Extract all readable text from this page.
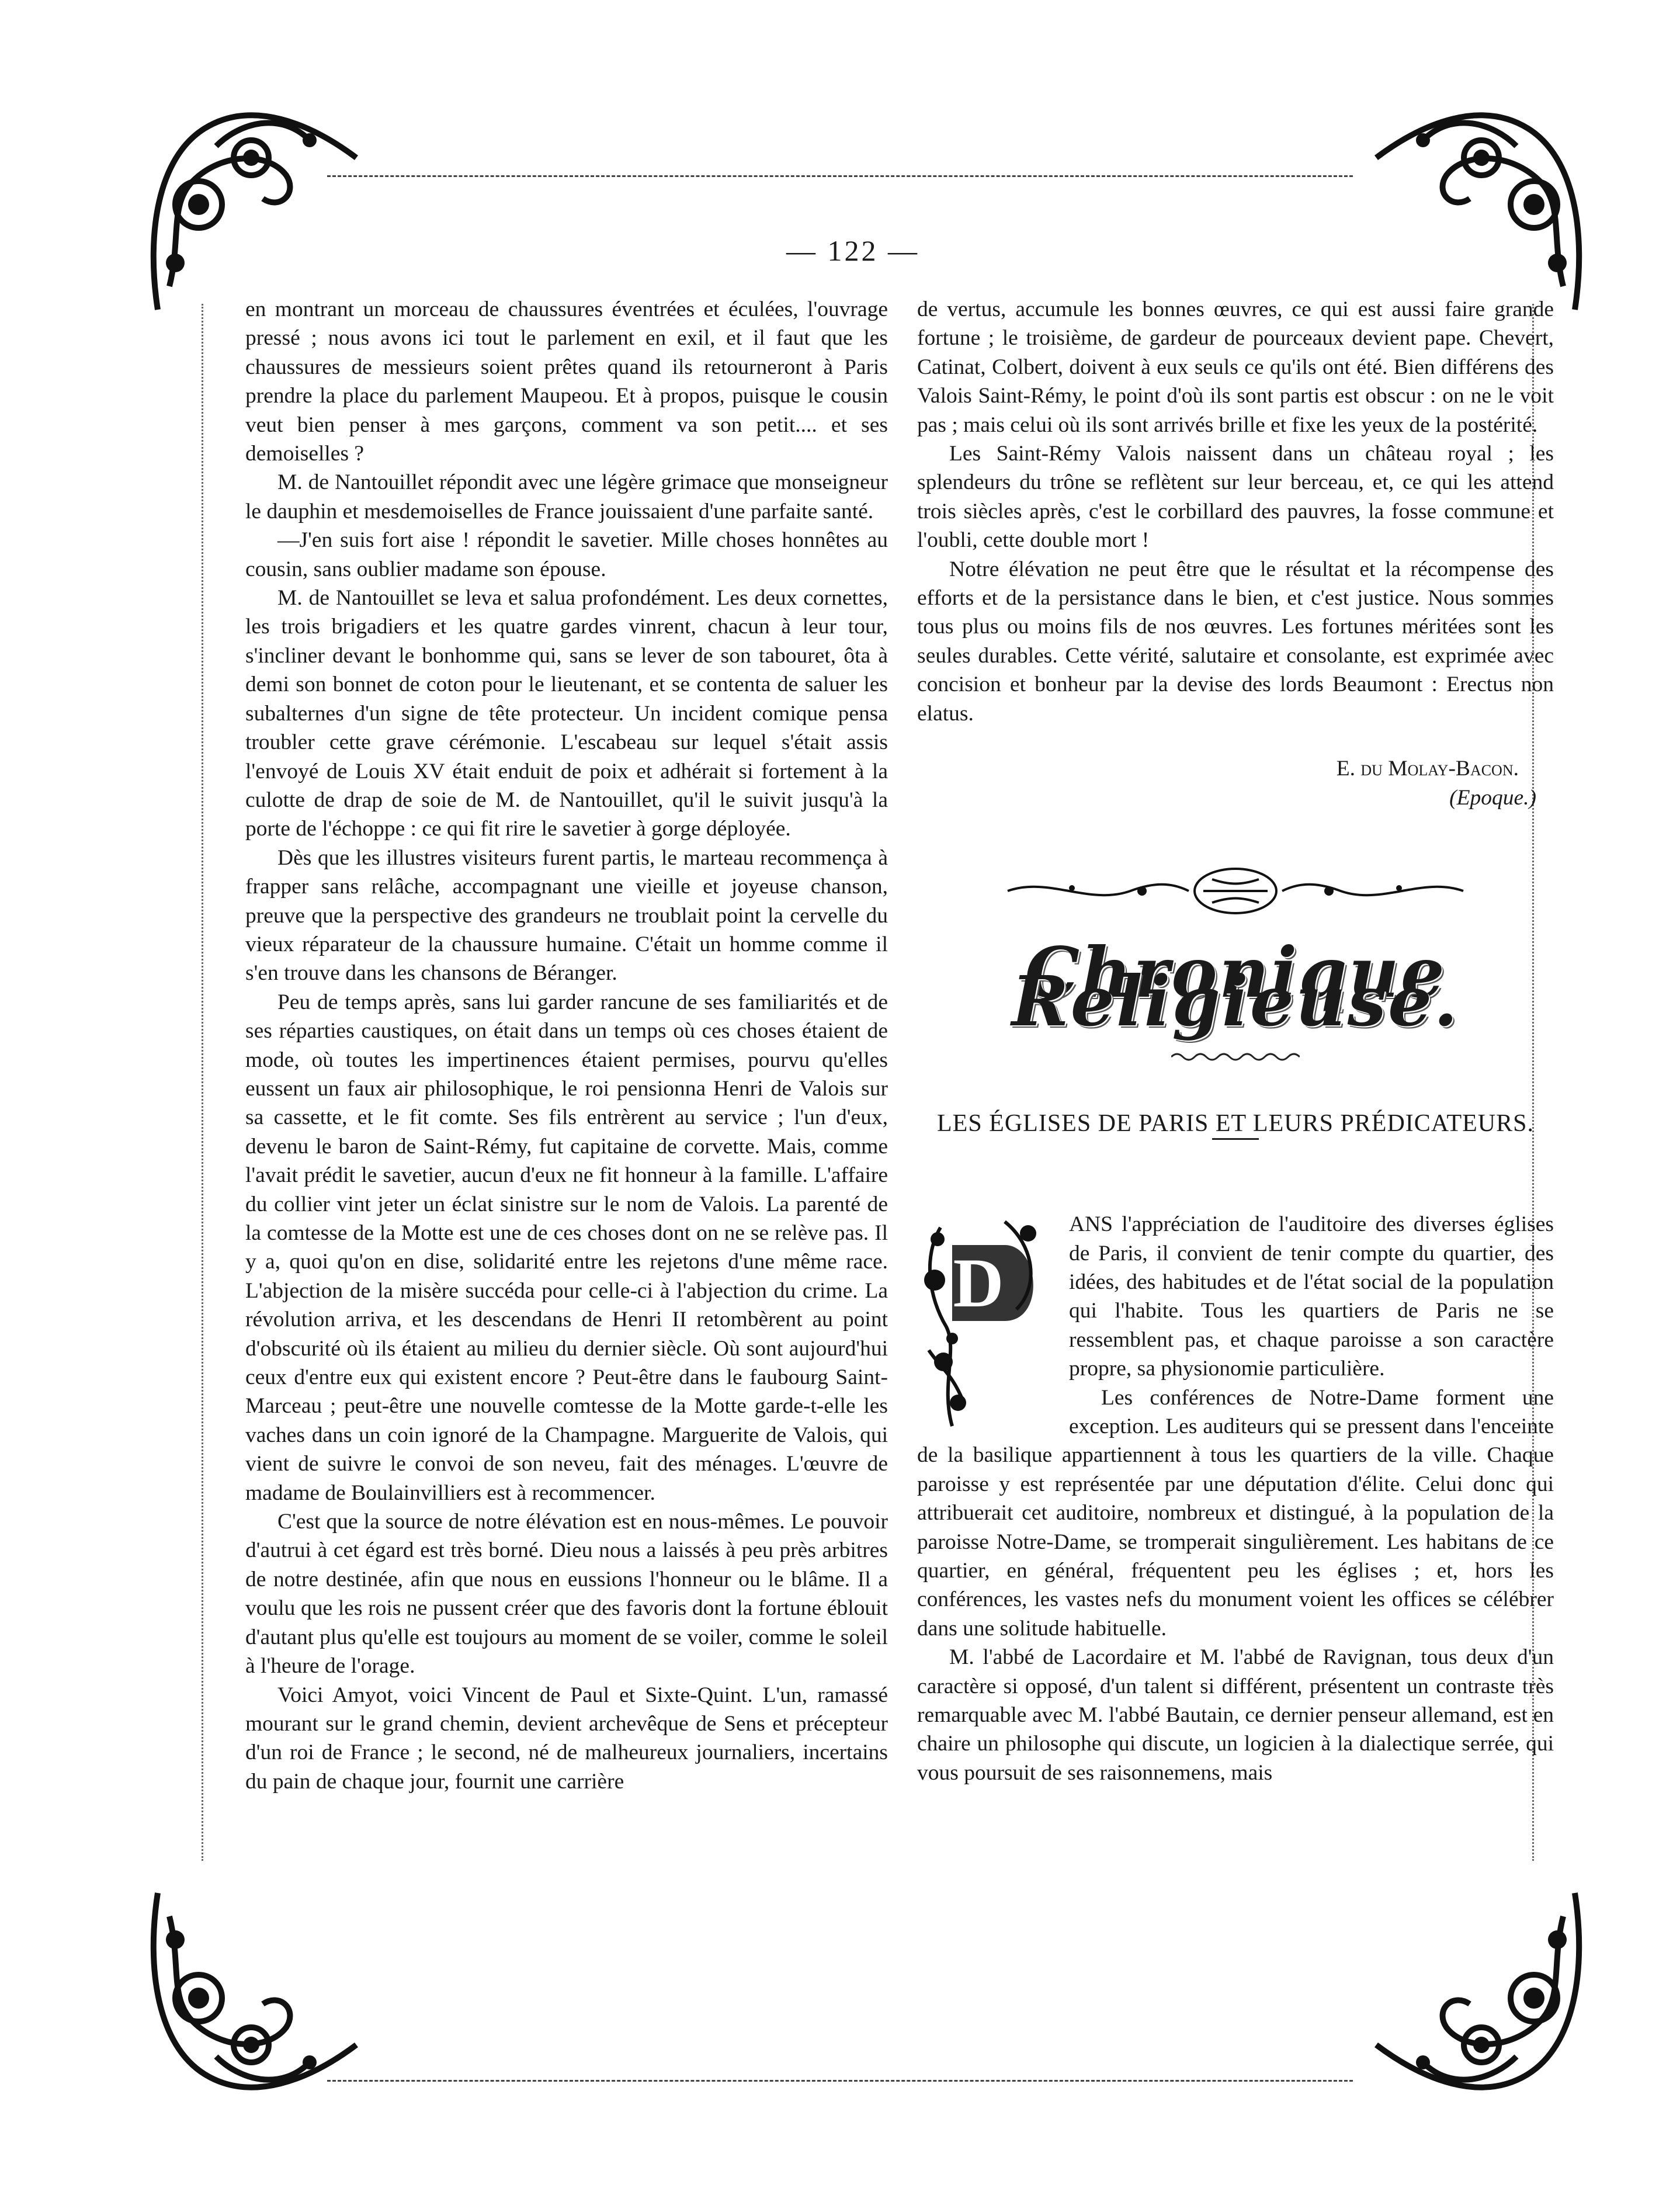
— 122 —

en montrant un morceau de chaussures éventrées et éculées, l'ouvrage pressé ; nous avons ici tout le parlement en exil, et il faut que les chaussures de messieurs soient prêtes quand ils retourneront à Paris prendre la place du parlement Maupeou. Et à propos, puisque le cousin veut bien penser à mes garçons, comment va son petit.... et ses demoiselles ?

M. de Nantouillet répondit avec une légère grimace que monseigneur le dauphin et mesdemoiselles de France jouissaient d'une parfaite santé.

—J'en suis fort aise ! répondit le savetier. Mille choses honnêtes au cousin, sans oublier madame son épouse.

M. de Nantouillet se leva et salua profondément. Les deux cornettes, les trois brigadiers et les quatre gardes vinrent, chacun à leur tour, s'incliner devant le bonhomme qui, sans se lever de son tabouret, ôta à demi son bonnet de coton pour le lieutenant, et se contenta de saluer les subalternes d'un signe de tête protecteur. Un incident comique pensa troubler cette grave cérémonie. L'escabeau sur lequel s'était assis l'envoyé de Louis XV était enduit de poix et adhérait si fortement à la culotte de drap de soie de M. de Nantouillet, qu'il le suivit jusqu'à la porte de l'échoppe : ce qui fit rire le savetier à gorge déployée.

Dès que les illustres visiteurs furent partis, le marteau recommença à frapper sans relâche, accompagnant une vieille et joyeuse chanson, preuve que la perspective des grandeurs ne troublait point la cervelle du vieux réparateur de la chaussure humaine. C'était un homme comme il s'en trouve dans les chansons de Béranger.

Peu de temps après, sans lui garder rancune de ses familiarités et de ses réparties caustiques, on était dans un temps où ces choses étaient de mode, où toutes les impertinences étaient permises, pourvu qu'elles eussent un faux air philosophique, le roi pensionna Henri de Valois sur sa cassette, et le fit comte. Ses fils entrèrent au service ; l'un d'eux, devenu le baron de Saint-Rémy, fut capitaine de corvette. Mais, comme l'avait prédit le savetier, aucun d'eux ne fit honneur à la famille. L'affaire du collier vint jeter un éclat sinistre sur le nom de Valois. La parenté de la comtesse de la Motte est une de ces choses dont on ne se relève pas. Il y a, quoi qu'on en dise, solidarité entre les rejetons d'une même race. L'abjection de la misère succéda pour celle-ci à l'abjection du crime. La révolution arriva, et les descendans de Henri II retombèrent au point d'obscurité où ils étaient au milieu du dernier siècle. Où sont aujourd'hui ceux d'entre eux qui existent encore ? Peut-être dans le faubourg Saint-Marceau ; peut-être une nouvelle comtesse de la Motte garde-t-elle les vaches dans un coin ignoré de la Champagne. Marguerite de Valois, qui vient de suivre le convoi de son neveu, fait des ménages. L'œuvre de madame de Boulainvilliers est à recommencer.

C'est que la source de notre élévation est en nous-mêmes. Le pouvoir d'autrui à cet égard est très borné. Dieu nous a laissés à peu près arbitres de notre destinée, afin que nous en eussions l'honneur ou le blâme. Il a voulu que les rois ne pussent créer que des favoris dont la fortune éblouit d'autant plus qu'elle est toujours au moment de se voiler, comme le soleil à l'heure de l'orage.

Voici Amyot, voici Vincent de Paul et Sixte-Quint. L'un, ramassé mourant sur le grand chemin, devient archevêque de Sens et précepteur d'un roi de France ; le second, né de malheureux journaliers, incertains du pain de chaque jour, fournit une carrière

de vertus, accumule les bonnes œuvres, ce qui est aussi faire grande fortune ; le troisième, de gardeur de pourceaux devient pape. Chevert, Catinat, Colbert, doivent à eux seuls ce qu'ils ont été. Bien différens des Valois Saint-Rémy, le point d'où ils sont partis est obscur : on ne le voit pas ; mais celui où ils sont arrivés brille et fixe les yeux de la postérité.

Les Saint-Rémy Valois naissent dans un château royal ; les splendeurs du trône se reflètent sur leur berceau, et, ce qui les attend trois siècles après, c'est le corbillard des pauvres, la fosse commune et l'oubli, cette double mort !

Notre élévation ne peut être que le résultat et la récompense des efforts et de la persistance dans le bien, et c'est justice. Nous sommes tous plus ou moins fils de nos œuvres. Les fortunes méritées sont les seules durables. Cette vérité, salutaire et consolante, est exprimée avec concision et bonheur par la devise des lords Beaumont : Erectus non elatus.

E. du Molay-Bacon.

(Epoque.)

Chronique Religieuse.

LES ÉGLISES DE PARIS ET LEURS PRÉDICATEURS.

D

ANS l'appréciation de l'auditoire des diverses églises de Paris, il convient de tenir compte du quartier, des idées, des habitudes et de l'état social de la population qui l'habite. Tous les quartiers de Paris ne se ressemblent pas, et chaque paroisse a son caractère propre, sa physionomie particulière.

Les conférences de Notre-Dame forment une exception. Les auditeurs qui se pressent dans l'enceinte de la basilique appartiennent à tous les quartiers de la ville. Chaque paroisse y est représentée par une députation d'élite. Celui donc qui attribuerait cet auditoire, nombreux et distingué, à la population de la paroisse Notre-Dame, se tromperait singulièrement. Les habitans de ce quartier, en général, fréquentent peu les églises ; et, hors les conférences, les vastes nefs du monument voient les offices se célébrer dans une solitude habituelle.

M. l'abbé de Lacordaire et M. l'abbé de Ravignan, tous deux d'un caractère si opposé, d'un talent si différent, présentent un contraste très remarquable avec M. l'abbé Bautain, ce dernier penseur allemand, est en chaire un philosophe qui discute, un logicien à la dialectique serrée, qui vous poursuit de ses raisonnemens, mais
